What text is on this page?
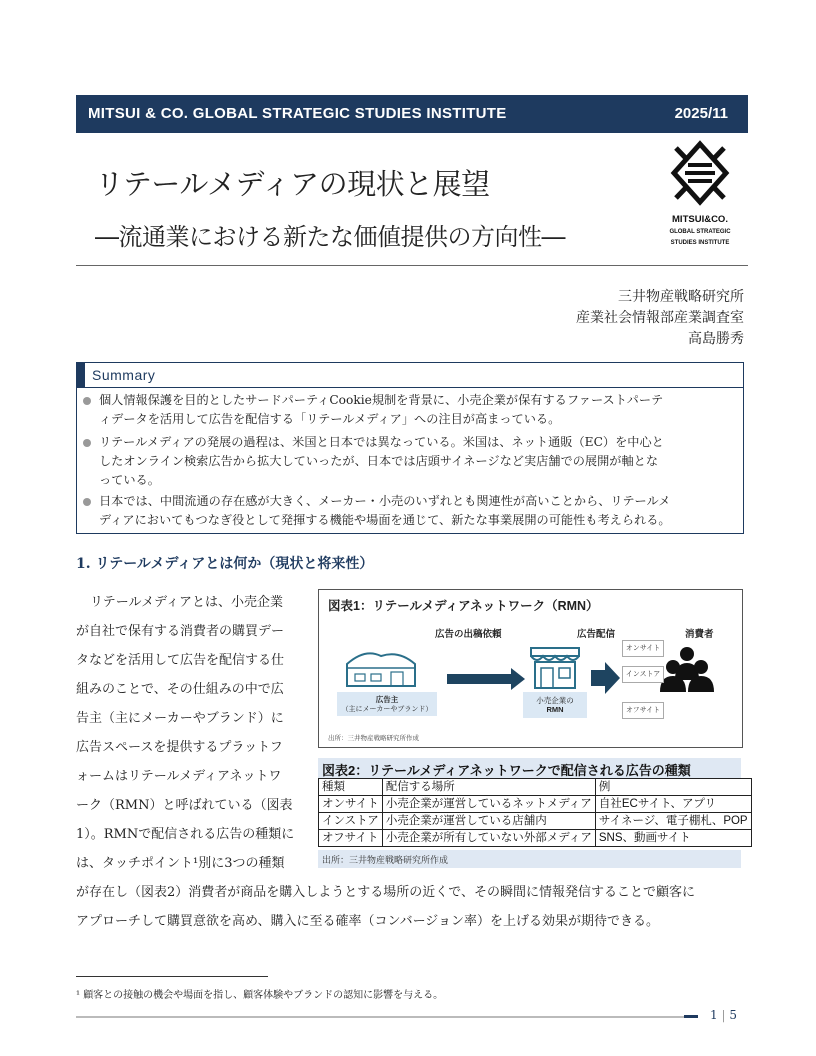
MITSUI & CO. GLOBAL STRATEGIC STUDIES INSTITUTE	2025/11
リテールメディアの現状と展望
―流通業における新たな価値提供の方向性―
MITSUI&CO.
GLOBAL STRATEGIC
STUDIES INSTITUTE
三井物産戦略研究所
産業社会情報部産業調査室
高島勝秀
Summary
個人情報保護を目的としたサードパーティCookie規制を背景に、小売企業が保有するファーストパーテ
ィデータを活用して広告を配信する「リテールメディア」への注目が高まっている。
リテールメディアの発展の過程は、米国と日本では異なっている。米国は、ネット通販（EC）を中心と
したオンライン検索広告から拡大していったが、日本では店頭サイネージなど実店舗での展開が軸とな
っている。
日本では、中間流通の存在感が大きく、メーカー・小売のいずれとも関連性が高いことから、リテールメ
ディアにおいてもつなぎ役として発揮する機能や場面を通じて、新たな事業展開の可能性も考えられる。
1. リテールメディアとは何か（現状と将来性）
リテールメディアとは、小売企業
が自社で保有する消費者の購買デー
タなどを活用して広告を配信する仕
組みのことで、その仕組みの中で広
告主（主にメーカーやブランド）に
広告スペースを提供するプラットフ
ォームはリテールメディアネットワ
ーク（RMN）と呼ばれている（図表
1）。RMNで配信される広告の種類に
は、タッチポイント¹別に3つの種類
が存在し（図表2）消費者が商品を購入しようとする場所の近くで、その瞬間に情報発信することで顧客に
アプローチして購買意欲を高め、購入に至る確率（コンバージョン率）を上げる効果が期待できる。
図表1：リテールメディアネットワーク（RMN）
広告の出稿依頼	広告配信	消費者
広告主
（主にメーカーやブランド）
小売企業の
RMN
出所：三井物産戦略研究所作成
オンサイト
インストア
オフサイト
図表2：リテールメディアネットワークで配信される広告の種類
種類	配信する場所	例
オンサイト	小売企業が運営しているネットメディア	自社ECサイト、アプリ
インストア	小売企業が運営している店舗内	サイネージ、電子棚札、POP
オフサイト	小売企業が所有していない外部メディア	SNS、動画サイト
出所：三井物産戦略研究所作成
¹ 顧客との接触の機会や場面を指し、顧客体験やブランドの認知に影響を与える。
1 | 5
